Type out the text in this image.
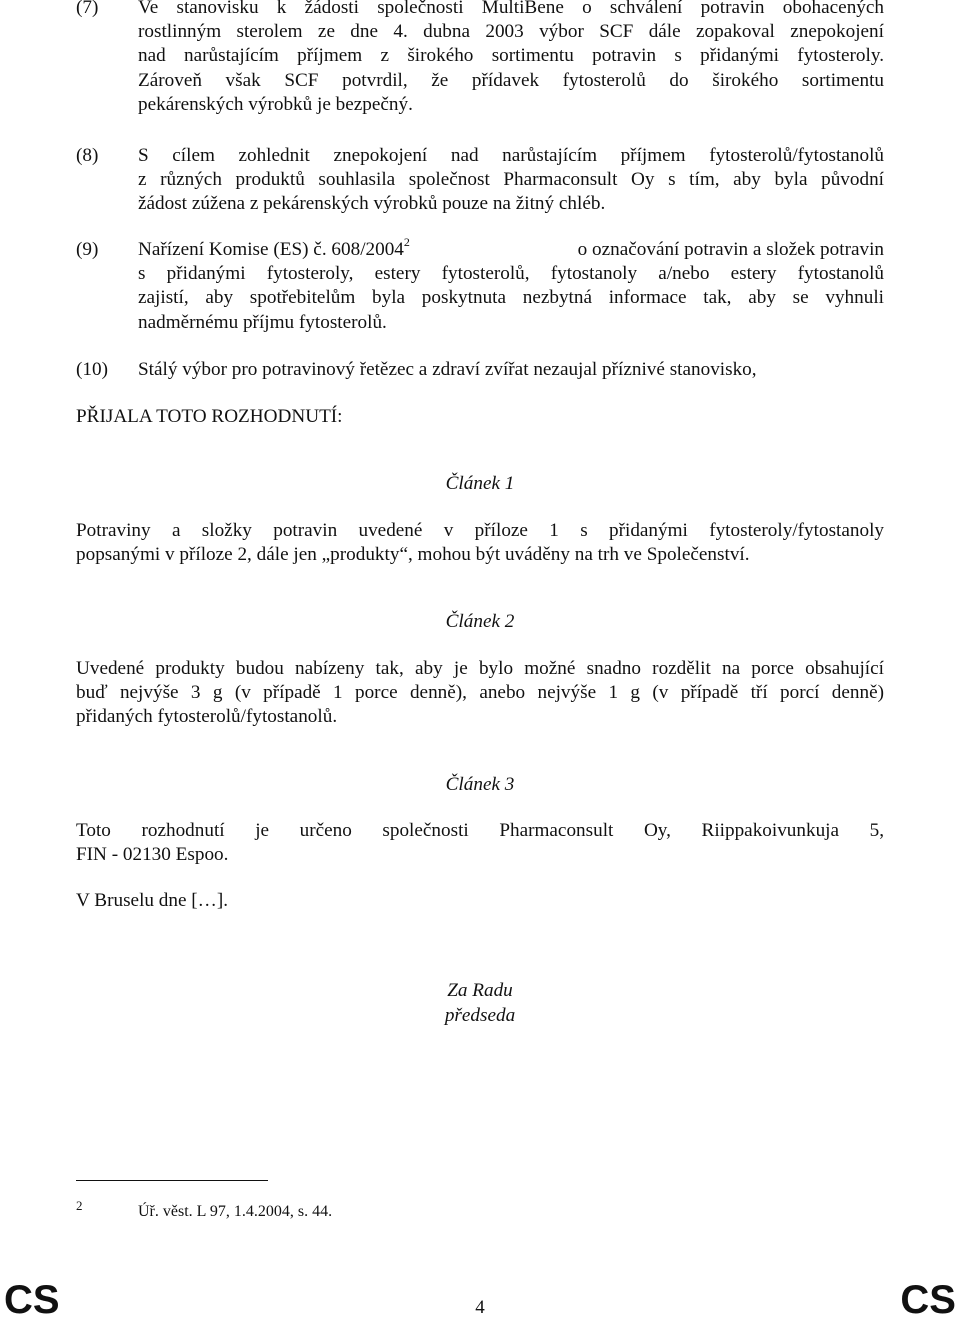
(7)	Ve stanovisku k žádosti společnosti MultiBene o schválení potravin obohacených
rostlinným sterolem ze dne 4. dubna 2003 výbor SCF dále zopakoval znepokojení
nad narůstajícím příjmem z širokého sortimentu potravin s přidanými fytosteroly.
Zároveň však SCF potvrdil, že přídavek fytosterolů do širokého sortimentu
pekárenských výrobků je bezpečný.
(8)	S cílem zohlednit znepokojení nad narůstajícím příjmem fytosterolů/fytostanolů
z různých produktů souhlasila společnost Pharmaconsult Oy s tím, aby byla původní
žádost zúžena z pekárenských výrobků pouze na žitný chléb.
(9)	Nařízení Komise (ES) č. 608/2004$^2$	o označování potravin a složek potravin
s přidanými fytosteroly, estery fytosterolů, fytostanoly a/nebo estery fytostanolů
zajistí, aby spotřebitelům byla poskytnuta nezbytná informace tak, aby se vyhnuli
nadměrnému příjmu fytosterolů.
(10)	Stálý výbor pro potravinový řetězec a zdraví zvířat nezaujal příznivé stanovisko,
PŘIJALA TOTO ROZHODNUTÍ:
Článek 1
Potraviny a složky potravin uvedené v příloze 1 s přidanými fytosteroly/fytostanoly
popsanými v příloze 2, dále jen „produkty“, mohou být uváděny na trh ve Společenství.
Článek 2
Uvedené produkty budou nabízeny tak, aby je bylo možné snadno rozdělit na porce obsahující
buď nejvýše 3 g (v případě 1 porce denně), anebo nejvýše 1 g (v případě tří porcí denně)
přidaných fytosterolů/fytostanolů.
Článek 3
Toto rozhodnutí je určeno společnosti Pharmaconsult Oy, Riippakoivunkuja 5,
FIN - 02130 Espoo.
V Bruselu dne […].
Za Radu
předseda
2	Úř. věst. L 97, 1.4.2004, s. 44.
CS	4	CS
